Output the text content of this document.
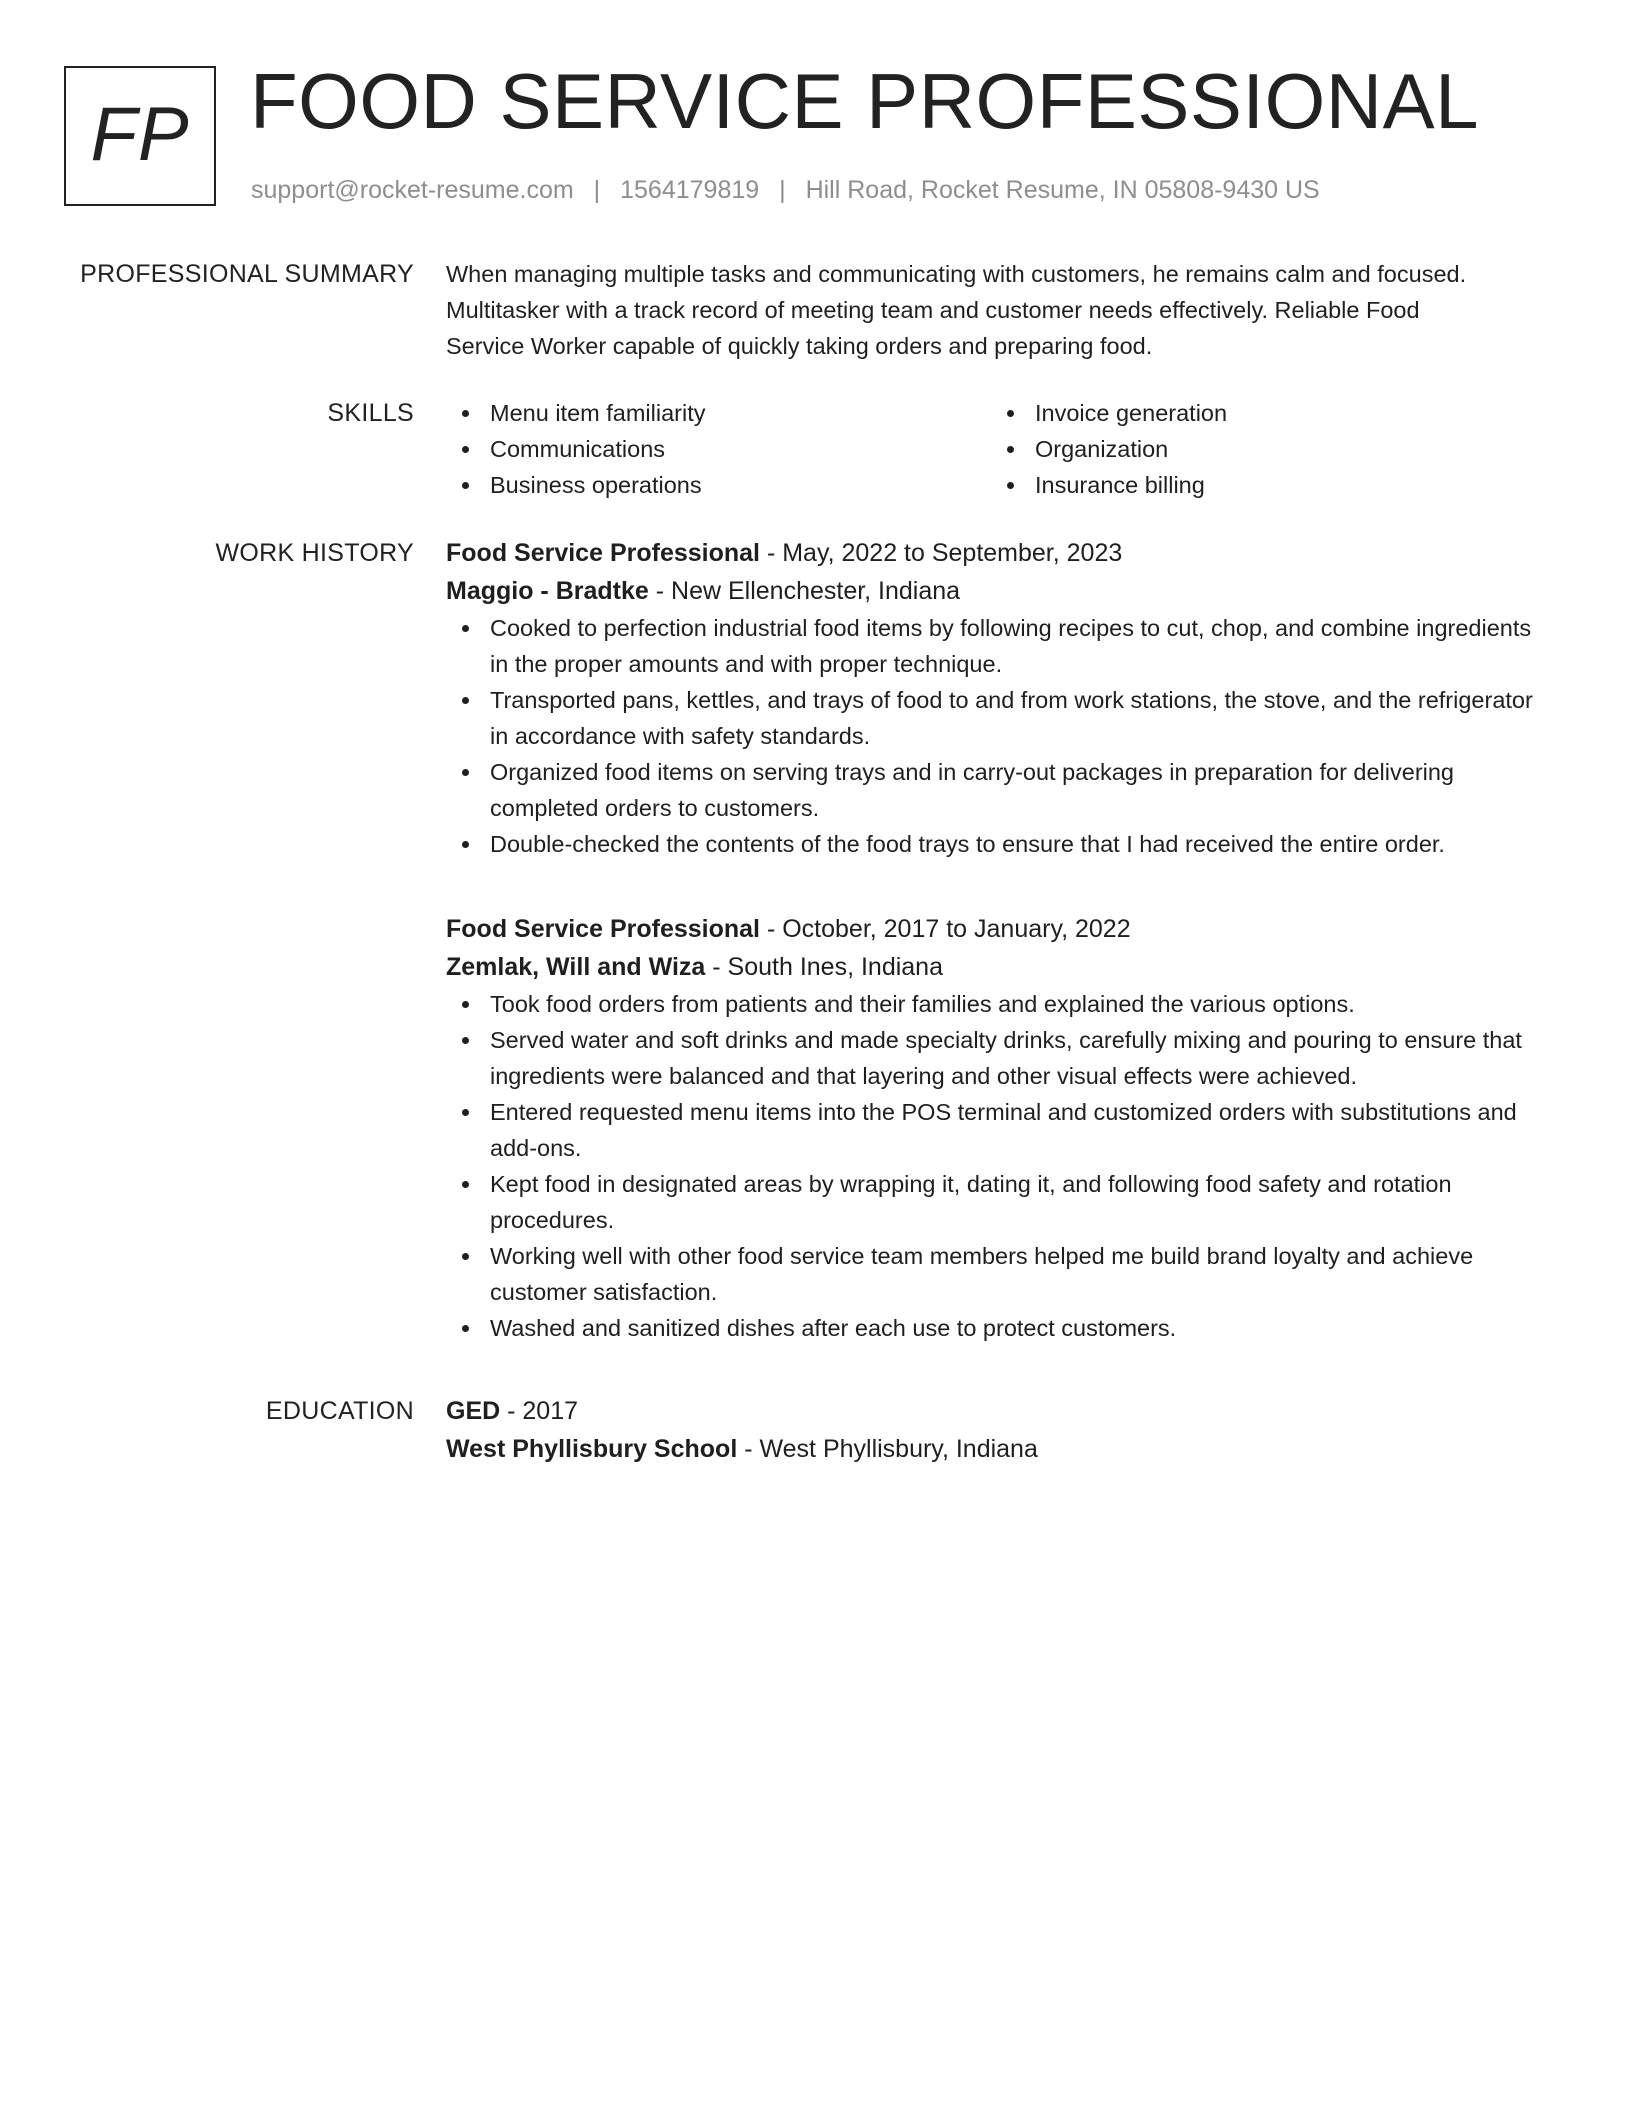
FP FOOD SERVICE PROFESSIONAL
support@rocket-resume.com | 1564179819 | Hill Road, Rocket Resume, IN 05808-9430 US
PROFESSIONAL SUMMARY When managing multiple tasks and communicating with customers, he remains calm and focused.

Multitasker with a track record of meeting team and customer needs effectively. Reliable Food

Service Worker capable of quickly taking orders and preparing food.

SKILLS	Menu item familiarity
Communications
Business operations
Invoice generation
Organization
Insurance billing
WORK HISTORY Food Service Professional - May, 2022 to September, 2023
Maggio - Bradtke - New Ellenchester, Indiana
Cooked to perfection industrial food items by following recipes to cut, chop, and combine ingredients in the proper amounts and with proper technique.
Transported pans, kettles, and trays of food to and from work stations, the stove, and the refrigerator in accordance with safety standards.
Organized food items on serving trays and in carry-out packages in preparation for delivering completed orders to customers.
Double-checked the contents of the food trays to ensure that I had received the entire order.
Food Service Professional - October, 2017 to January, 2022
Zemlak, Will and Wiza - South Ines, Indiana
Took food orders from patients and their families and explained the various options.
Served water and soft drinks and made specialty drinks, carefully mixing and pouring to ensure that ingredients were balanced and that layering and other visual effects were achieved.
Entered requested menu items into the POS terminal and customized orders with substitutions and add-ons.
Kept food in designated areas by wrapping it, dating it, and following food safety and rotation procedures.
Working well with other food service team members helped me build brand loyalty and achieve customer satisfaction.
Washed and sanitized dishes after each use to protect customers.
EDUCATION GED - 2017
West Phyllisbury School - West Phyllisbury, Indiana
